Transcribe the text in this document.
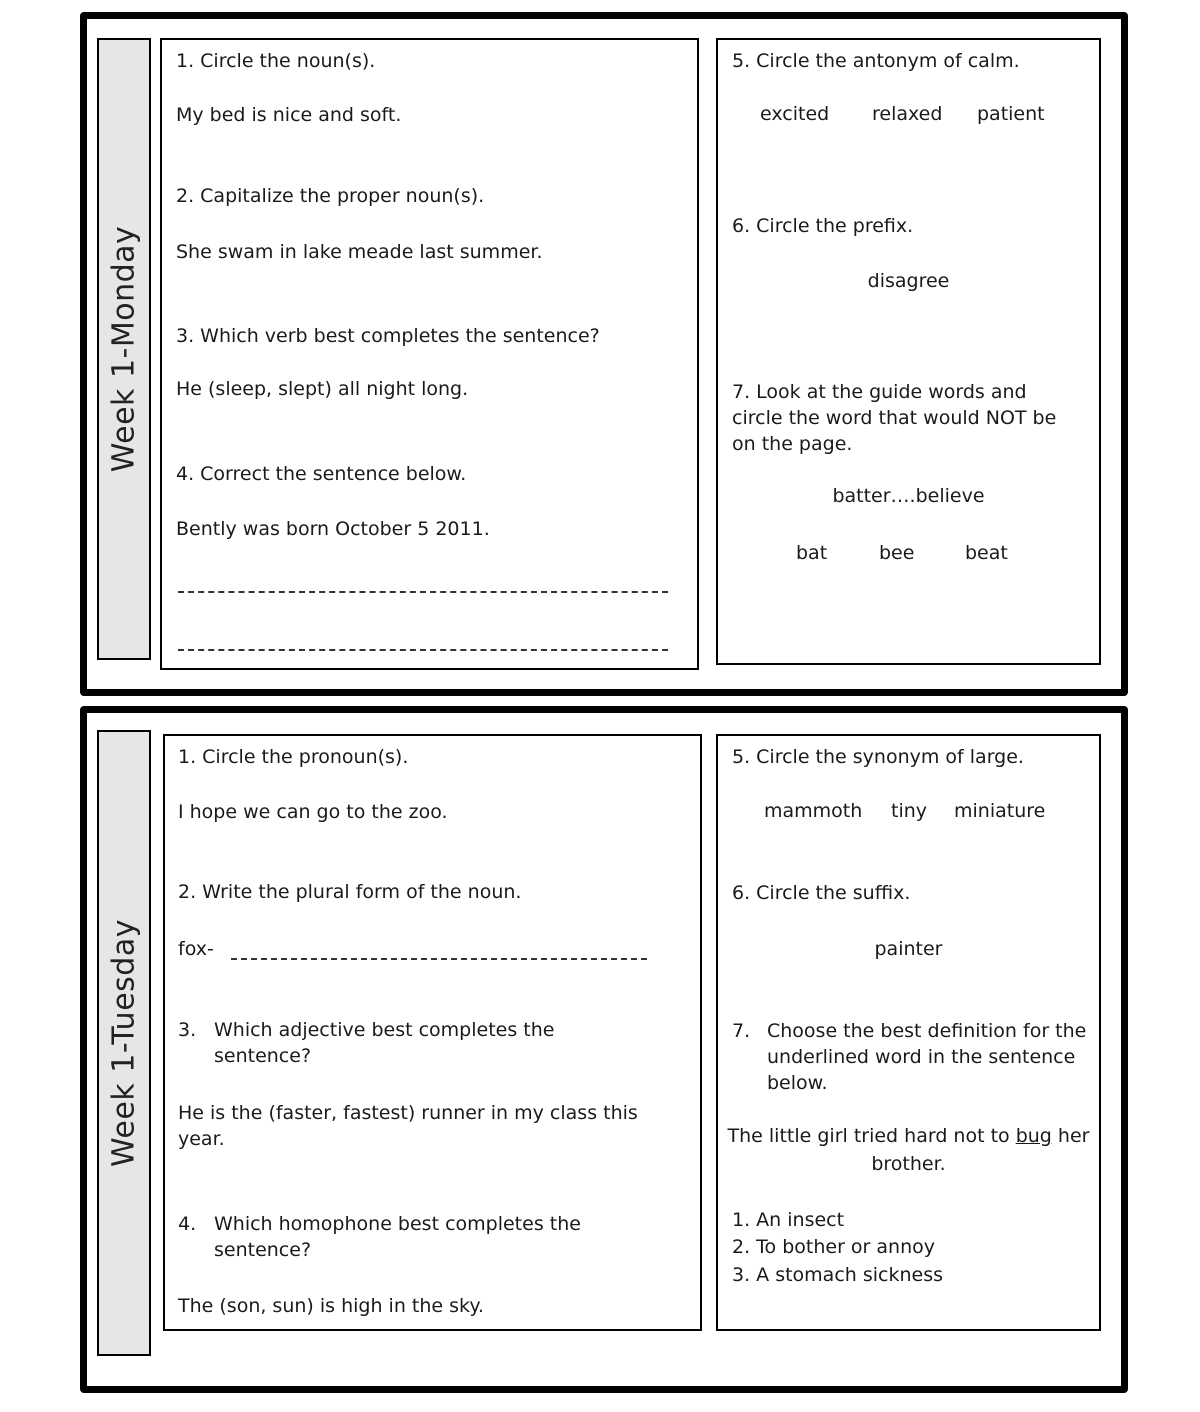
Week 1-Monday
1. Circle the noun(s).
My bed is nice and soft.
2. Capitalize the proper noun(s).
She swam in lake meade last summer.
3. Which verb best completes the sentence?
He (sleep, slept) all night long.
4. Correct the sentence below.
Bently was born October 5 2011.
5. Circle the antonym of calm.
excited relaxed patient
6. Circle the prefix.
disagree
7. Look at the guide words and circle the word that would NOT be on the page.
batter….believe
bat	bee	beat
Week 1-Tuesday
1. Circle the pronoun(s).
I hope we can go to the zoo.
2. Write the plural form of the noun.
fox-
3. Which adjective best completes the sentence?
He is the (faster, fastest) runner in my class this year.
4. Which homophone best completes the sentence?
The (son, sun) is high in the sky.
5. Circle the synonym of large.
mammoth tiny miniature
6. Circle the suffix.
painter
7. Choose the best definition for the underlined word in the sentence below.
The little girl tried hard not to bug her brother.
1. An insect
2. To bother or annoy
3. A stomach sickness
